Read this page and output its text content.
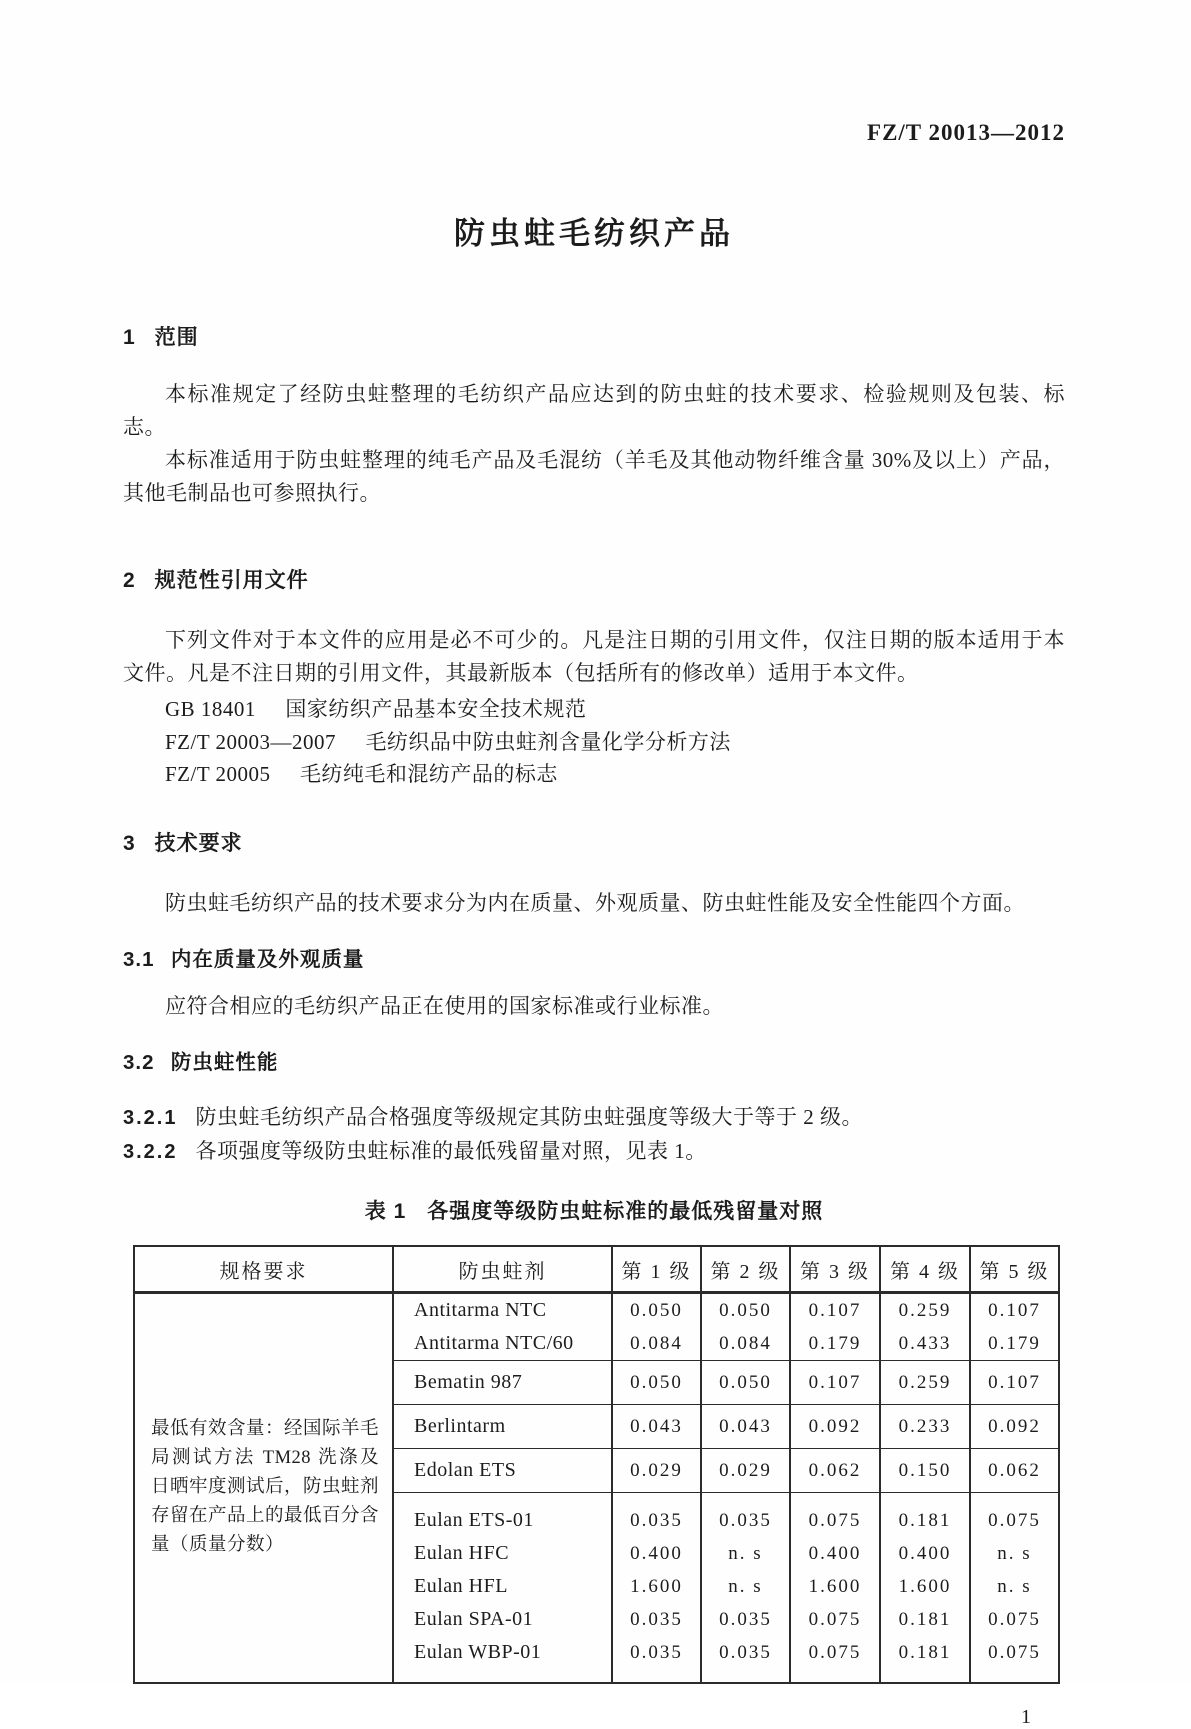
FZ/T 20013—2012
防虫蛀毛纺织产品
1 范围

本标准规定了经防虫蛀整理的毛纺织产品应达到的防虫蛀的技术要求、检验规则及包装、标志。

本标准适用于防虫蛀整理的纯毛产品及毛混纺（羊毛及其他动物纤维含量 30%及以上）产品，其他毛制品也可参照执行。

2 规范性引用文件

下列文件对于本文件的应用是必不可少的。凡是注日期的引用文件，仅注日期的版本适用于本文件。凡是不注日期的引用文件，其最新版本（包括所有的修改单）适用于本文件。

GB 18401 国家纺织产品基本安全技术规范
FZ/T 20003—2007 毛纺织品中防虫蛀剂含量化学分析方法
FZ/T 20005 毛纺纯毛和混纺产品的标志
3 技术要求

防虫蛀毛纺织产品的技术要求分为内在质量、外观质量、防虫蛀性能及安全性能四个方面。

3.1 内在质量及外观质量

应符合相应的毛纺织产品正在使用的国家标准或行业标准。

3.2 防虫蛀性能

3.2.1 防虫蛀毛纺织产品合格强度等级规定其防虫蛀强度等级大于等于 2 级。

3.2.2 各项强度等级防虫蛀标准的最低残留量对照，见表 1。

表 1 各强度等级防虫蛀标准的最低残留量对照
规格要求	防虫蛀剂	第 1 级	第 2 级	第 3 级	第 4 级	第 5 级
最低有效含量：经国际羊毛局测试方法 TM28 洗涤及日晒牢度测试后，防虫蛀剂存留在产品上的最低百分含量（质量分数）	Antitarma NTC	0.050	0.050	0.107	0.259	0.107
	Antitarma NTC/60	0.084	0.084	0.179	0.433	0.179
	Bematin 987	0.050	0.050	0.107	0.259	0.107
	Berlintarm	0.043	0.043	0.092	0.233	0.092
	Edolan ETS	0.029	0.029	0.062	0.150	0.062
	Eulan ETS-01	0.035	0.035	0.075	0.181	0.075
	Eulan HFC	0.400	n. s	0.400	0.400	n. s
	Eulan HFL	1.600	n. s	1.600	1.600	n. s
	Eulan SPA-01	0.035	0.035	0.075	0.181	0.075
	Eulan WBP-01	0.035	0.035	0.075	0.181	0.075
1
